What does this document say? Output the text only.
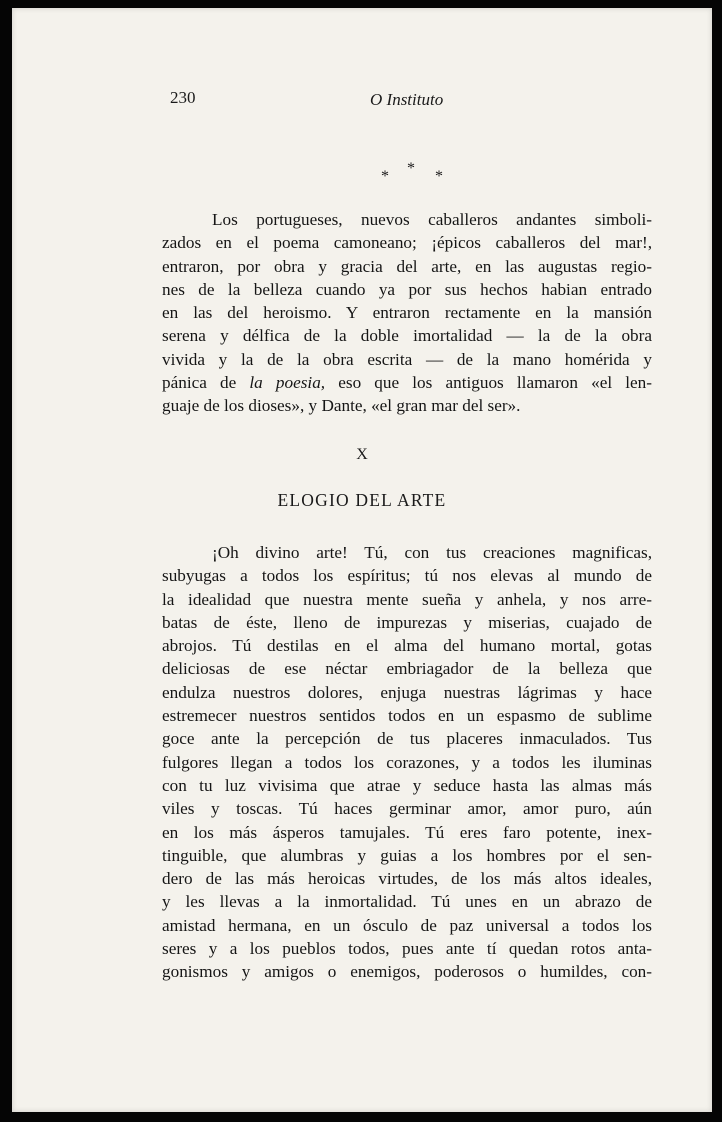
230	O Instituto
*
*	*
Los portugueses, nuevos caballeros andantes simboli-
zados en el poema camoneano; ¡épicos caballeros del mar!,
entraron, por obra y gracia del arte, en las augustas regio-
nes de la belleza cuando ya por sus hechos habian entrado
en las del heroismo. Y entraron rectamente en la mansión
serena y délfica de la doble imortalidad — la de la obra
vivida y la de la obra escrita — de la mano homérida y
pánica de la poesia, eso que los antiguos llamaron «el len-
guaje de los dioses», y Dante, «el gran mar del ser».
X
ELOGIO DEL ARTE
¡Oh divino arte! Tú, con tus creaciones magnificas,
subyugas a todos los espíritus; tú nos elevas al mundo de
la idealidad que nuestra mente sueña y anhela, y nos arre-
batas de éste, lleno de impurezas y miserias, cuajado de
abrojos. Tú destilas en el alma del humano mortal, gotas
deliciosas de ese néctar embriagador de la belleza que
endulza nuestros dolores, enjuga nuestras lágrimas y hace
estremecer nuestros sentidos todos en un espasmo de sublime
goce ante la percepción de tus placeres inmaculados. Tus
fulgores llegan a todos los corazones, y a todos les iluminas
con tu luz vivisima que atrae y seduce hasta las almas más
viles y toscas. Tú haces germinar amor, amor puro, aún
en los más ásperos tamujales. Tú eres faro potente, inex-
tinguible, que alumbras y guias a los hombres por el sen-
dero de las más heroicas virtudes, de los más altos ideales,
y les llevas a la inmortalidad. Tú unes en un abrazo de
amistad hermana, en un ósculo de paz universal a todos los
seres y a los pueblos todos, pues ante tí quedan rotos anta-
gonismos y amigos o enemigos, poderosos o humildes, con-
